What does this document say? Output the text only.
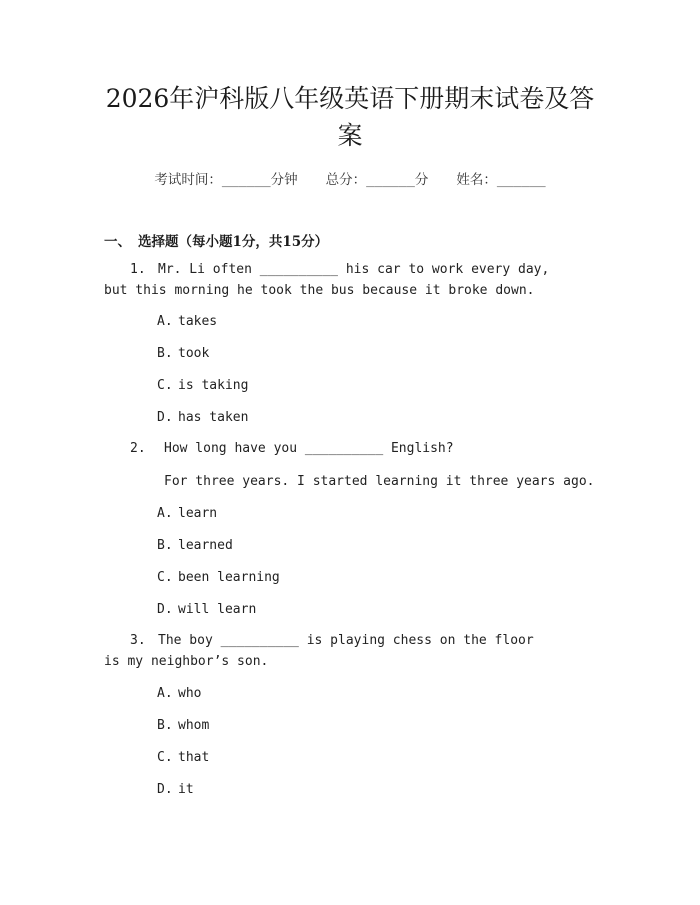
2026年沪科版八年级英语下册期末试卷及答案
考试时间：______分钟 总分：______分 姓名：______
一、 选择题（每小题1分，共15分）
1. Mr. Li often __________ his car to work every day, but this morning he took the bus because it broke down.
A. takes
B. took
C. is taking
D. has taken
2. How long have you __________ English?
For three years. I started learning it three years ago.
A. learn
B. learned
C. been learning
D. will learn
3. The boy __________ is playing chess on the floor is my neighbor’s son.
A. who
B. whom
C. that
D. it
